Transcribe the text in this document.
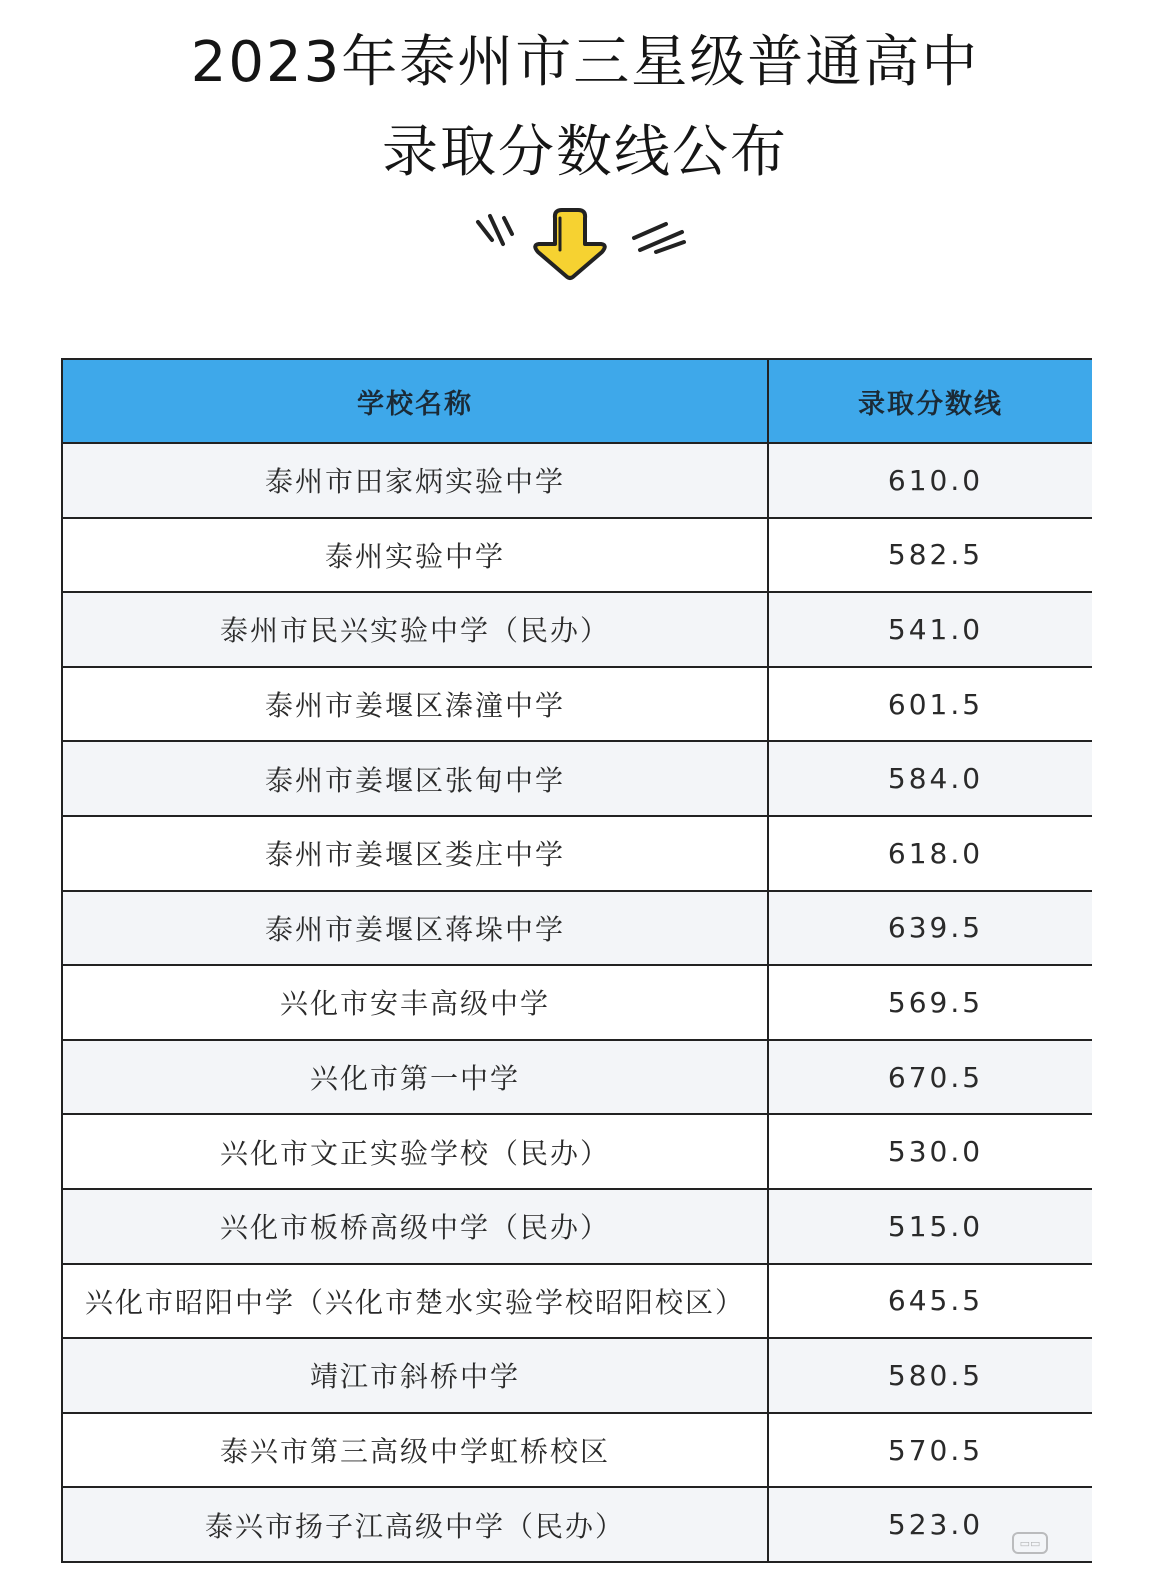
2023年泰州市三星级普通高中
录取分数线公布
学校名称	录取分数线
泰州市田家炳实验中学	610.0
泰州实验中学	582.5
泰州市民兴实验中学（民办）	541.0
泰州市姜堰区溱潼中学	601.5
泰州市姜堰区张甸中学	584.0
泰州市姜堰区娄庄中学	618.0
泰州市姜堰区蒋垛中学	639.5
兴化市安丰高级中学	569.5
兴化市第一中学	670.5
兴化市文正实验学校（民办）	530.0
兴化市板桥高级中学（民办）	515.0
兴化市昭阳中学（兴化市楚水实验学校昭阳校区）	645.5
靖江市斜桥中学	580.5
泰兴市第三高级中学虹桥校区	570.5
泰兴市扬子江高级中学（民办）	523.0
▭▭
